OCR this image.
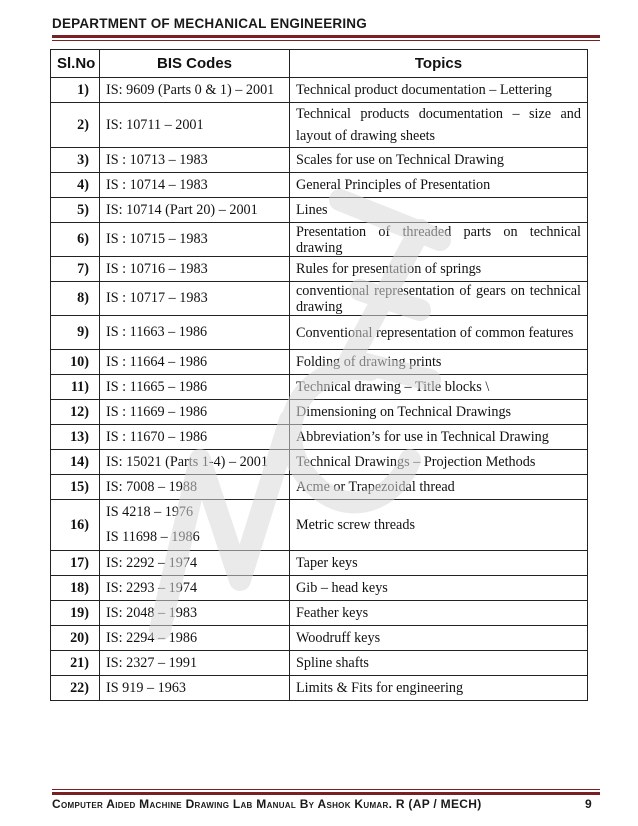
DEPARTMENT OF MECHANICAL ENGINEERING
Sl.No	BIS Codes	Topics
1)	IS: 9609 (Parts 0 & 1) – 2001	Technical product documentation – Lettering
2)	IS: 10711 – 2001	Technical products documentation – size and layout of drawing sheets
3)	IS : 10713 – 1983	Scales for use on Technical Drawing
4)	IS : 10714 – 1983	General Principles of Presentation
5)	IS: 10714 (Part 20) – 2001	Lines
6)	IS : 10715 – 1983	Presentation of threaded parts on technical drawing
7)	IS : 10716 – 1983	Rules for presentation of springs
8)	IS : 10717 – 1983	conventional representation of gears on technical drawing
9)	IS : 11663 – 1986	Conventional representation of common features
10)	IS : 11664 – 1986	Folding of drawing prints
11)	IS : 11665 – 1986	Technical drawing – Title blocks \
12)	IS : 11669 – 1986	Dimensioning on Technical Drawings
13)	IS : 11670 – 1986	Abbreviation’s for use in Technical Drawing
14)	IS: 15021 (Parts 1-4) – 2001	Technical Drawings – Projection Methods
15)	IS: 7008 – 1988	Acme or Trapezoidal thread
16)	IS 4218 – 1976
IS 11698 – 1986	Metric screw threads
17)	IS: 2292 – 1974	Taper keys
18)	IS: 2293 – 1974	Gib – head keys
19)	IS: 2048 – 1983	Feather keys
20)	IS: 2294 – 1986	Woodruff keys
21)	IS: 2327 – 1991	Spline shafts
22)	IS 919 – 1963	Limits & Fits for engineering
Computer Aided Machine Drawing Lab Manual By Ashok Kumar. R (AP / MECH)	9
